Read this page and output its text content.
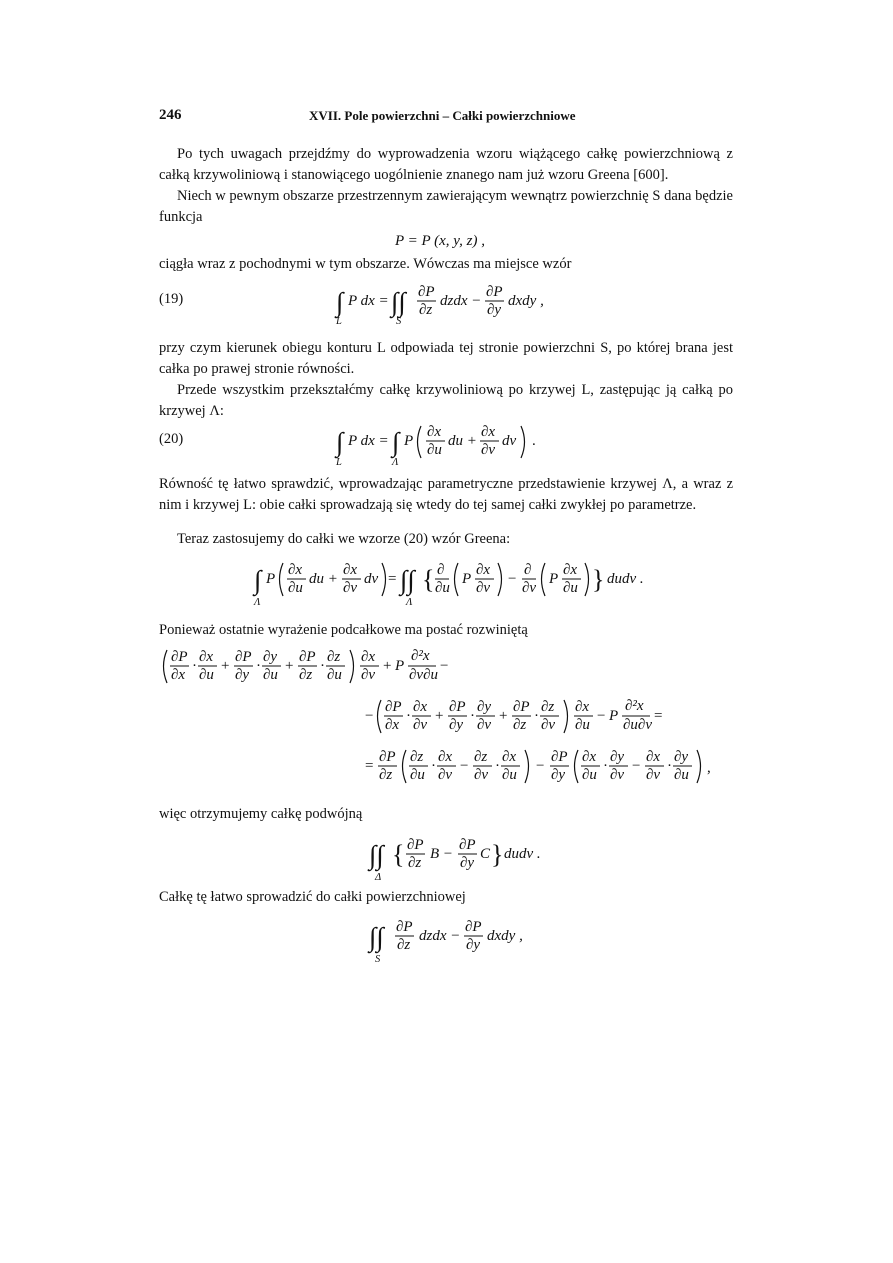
246	XVII. Pole powierzchni – Całki powierzchniowe
Po tych uwagach przejdźmy do wyprowadzenia wzoru wiążącego całkę powierzchniową z całką krzywoliniową i stanowiącego uogólnienie znanego nam już wzoru Greena [600].
Niech w pewnym obszarze przestrzennym zawierającym wewnątrz powierzchnię S dana będzie funkcja
P = P (x, y, z) ,
ciągła wraz z pochodnymi w tym obszarze. Wówczas ma miejsce wzór
(19)	∫
L
P dx = ∫∫
S
∂P
∂z
dzdx −
∂P
∂y
dxdy ,
przy czym kierunek obiegu konturu L odpowiada tej stronie powierzchni S, po której brana jest całka po prawej stronie równości.
Przede wszystkim przekształćmy całkę krzywoliniową po krzywej L, zastępując ją całką po krzywej Λ:
(20)	∫
L
P dx = ∫
Λ
P
∂x
∂u
du +
∂x
∂v
dv .
Równość tę łatwo sprawdzić, wprowadzając parametryczne przedstawienie krzywej Λ, a wraz z nim i krzywej L: obie całki sprowadzają się wtedy do tej samej całki zwykłej po parametrze.
Teraz zastosujemy do całki we wzorze (20) wzór Greena:
∫
Λ
P
∂x
∂u
du +
∂x
∂v
dv = ∫∫
Λ
{ ∂
∂u
P
∂x
∂v
−
∂
∂v
P
∂x
∂u } dudv .
Ponieważ ostatnie wyrażenie podcałkowe ma postać rozwiniętą
∂P
∂x
·
∂x
∂u
+
∂P
∂y
·
∂y
∂u
+
∂P
∂z
·
∂z
∂u
∂x
∂v
+ P
∂²x
∂v∂u
−
−
∂P
∂x
·
∂x
∂v
+
∂P
∂y
·
∂y
∂v
+
∂P
∂z
·
∂z
∂v
∂x
∂u
− P
∂²x
∂u∂v
=
=
∂P
∂z
∂z
∂u
·
∂x
∂v
−
∂z
∂v
·
∂x
∂u
−
∂P
∂y
∂x
∂u
·
∂y
∂v
−
∂x
∂v
·
∂y
∂u ,
więc otrzymujemy całkę podwójną
∫∫
Δ
{ ∂P
∂z
B −
∂P
∂y
C } dudv .
Całkę tę łatwo sprowadzić do całki powierzchniowej
∫∫
S
∂P
∂z
dzdx −
∂P
∂y
dxdy ,
